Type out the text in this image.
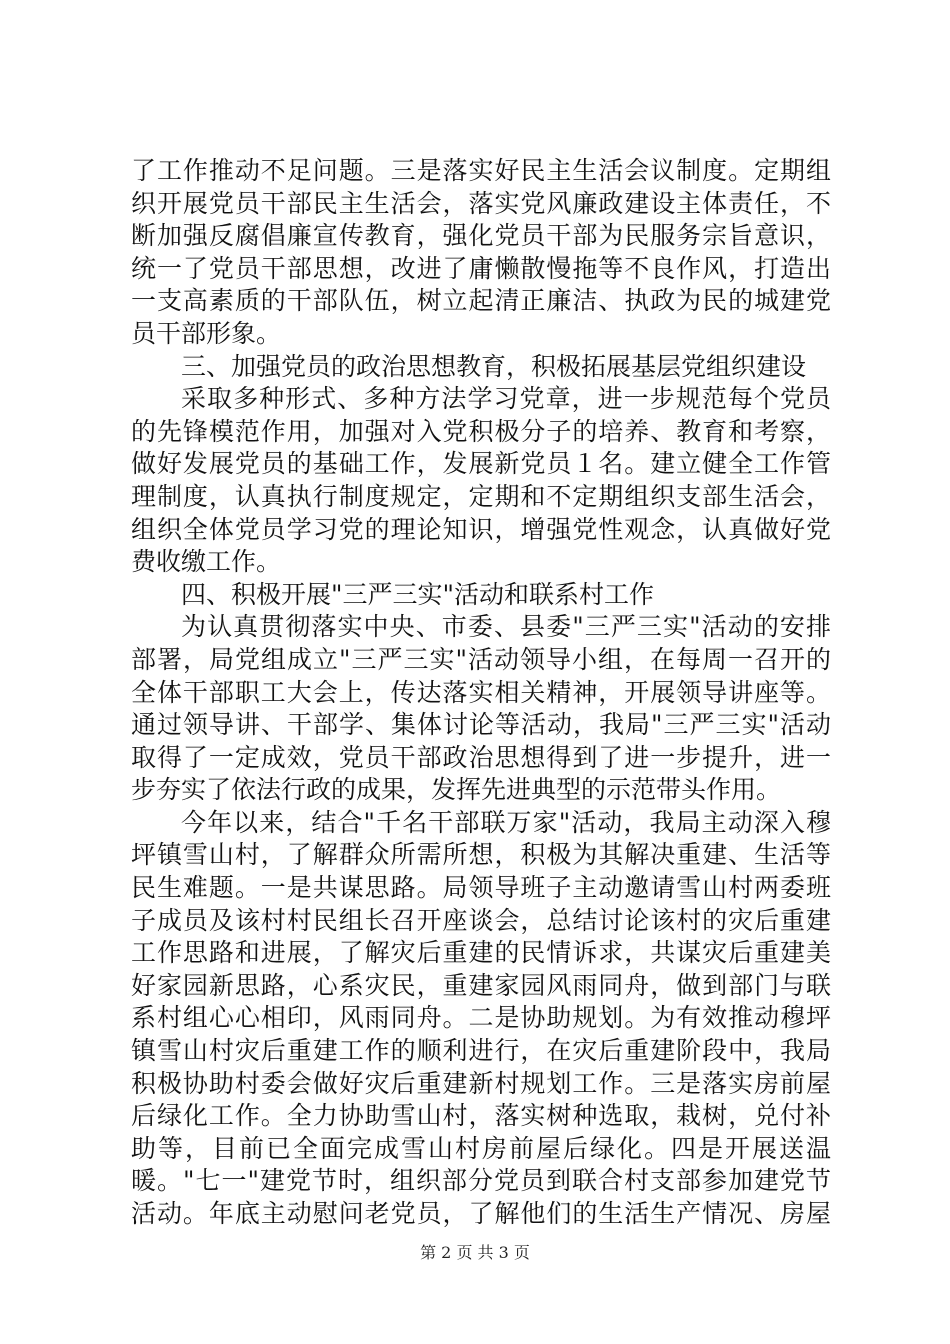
了工作推动不足问题。三是落实好民主生活会议制度。定期组
织开展党员干部民主生活会，落实党风廉政建设主体责任，不
断加强反腐倡廉宣传教育，强化党员干部为民服务宗旨意识，
统一了党员干部思想，改进了庸懒散慢拖等不良作风，打造出
一支高素质的干部队伍，树立起清正廉洁、执政为民的城建党
员干部形象。
三、加强党员的政治思想教育，积极拓展基层党组织建设
采取多种形式、多种方法学习党章，进一步规范每个党员
的先锋模范作用，加强对入党积极分子的培养、教育和考察，
做好发展党员的基础工作，发展新党员１名。建立健全工作管
理制度，认真执行制度规定，定期和不定期组织支部生活会，
组织全体党员学习党的理论知识，增强党性观念，认真做好党
费收缴工作。
四、积极开展"三严三实"活动和联系村工作
为认真贯彻落实中央、市委、县委"三严三实"活动的安排
部署，局党组成立"三严三实"活动领导小组，在每周一召开的
全体干部职工大会上，传达落实相关精神，开展领导讲座等。
通过领导讲、干部学、集体讨论等活动，我局"三严三实"活动
取得了一定成效，党员干部政治思想得到了进一步提升，进一
步夯实了依法行政的成果，发挥先进典型的示范带头作用。
今年以来，结合"千名干部联万家"活动，我局主动深入穆
坪镇雪山村，了解群众所需所想，积极为其解决重建、生活等
民生难题。一是共谋思路。局领导班子主动邀请雪山村两委班
子成员及该村村民组长召开座谈会，总结讨论该村的灾后重建
工作思路和进展，了解灾后重建的民情诉求，共谋灾后重建美
好家园新思路，心系灾民，重建家园风雨同舟，做到部门与联
系村组心心相印，风雨同舟。二是协助规划。为有效推动穆坪
镇雪山村灾后重建工作的顺利进行，在灾后重建阶段中，我局
积极协助村委会做好灾后重建新村规划工作。三是落实房前屋
后绿化工作。全力协助雪山村，落实树种选取，栽树，兑付补
助等，目前已全面完成雪山村房前屋后绿化。四是开展送温
暖。"七一"建党节时，组织部分党员到联合村支部参加建党节
活动。年底主动慰问老党员，了解他们的生活生产情况、房屋
第 2 页 共 3 页
